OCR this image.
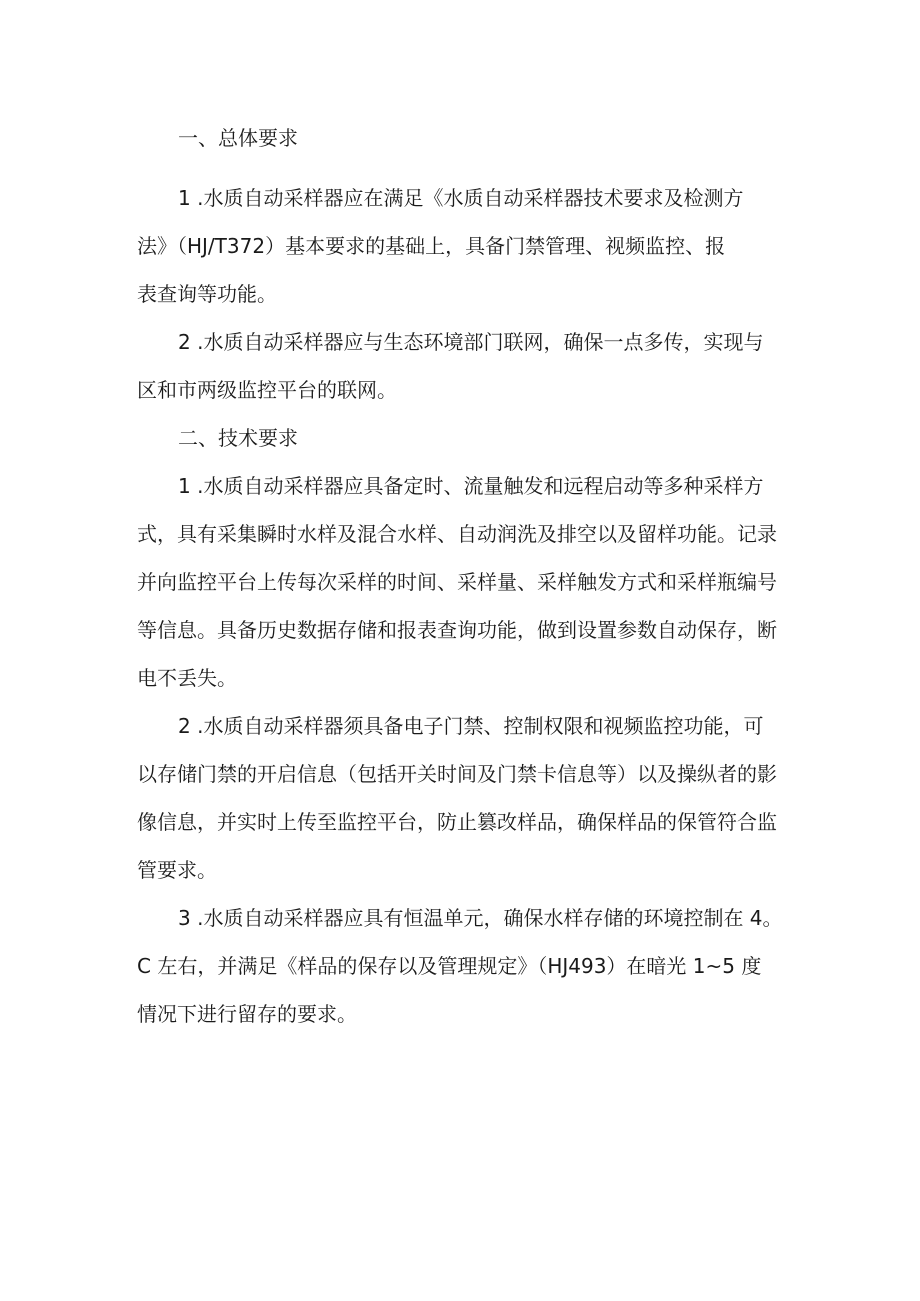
一、总体要求

1 .水质自动采样器应在满足《水质自动采样器技术要求及检测方

法》（HJ/T372）基本要求的基础上，具备门禁管理、视频监控、报

表查询等功能。

2 .水质自动采样器应与生态环境部门联网，确保一点多传，实现与

区和市两级监控平台的联网。

二、技术要求

1 .水质自动采样器应具备定时、流量触发和远程启动等多种采样方

式，具有采集瞬时水样及混合水样、自动润洗及排空以及留样功能。记录

并向监控平台上传每次采样的时间、采样量、采样触发方式和采样瓶编号

等信息。具备历史数据存储和报表查询功能，做到设置参数自动保存，断

电不丢失。

2 .水质自动采样器须具备电子门禁、控制权限和视频监控功能，可

以存储门禁的开启信息（包括开关时间及门禁卡信息等）以及操纵者的影

像信息，并实时上传至监控平台，防止篡改样品，确保样品的保管符合监

管要求。

3 .水质自动采样器应具有恒温单元，确保水样存储的环境控制在 4。

C 左右，并满足《样品的保存以及管理规定》（HJ493）在暗光 1~5 度

情况下进行留存的要求。
